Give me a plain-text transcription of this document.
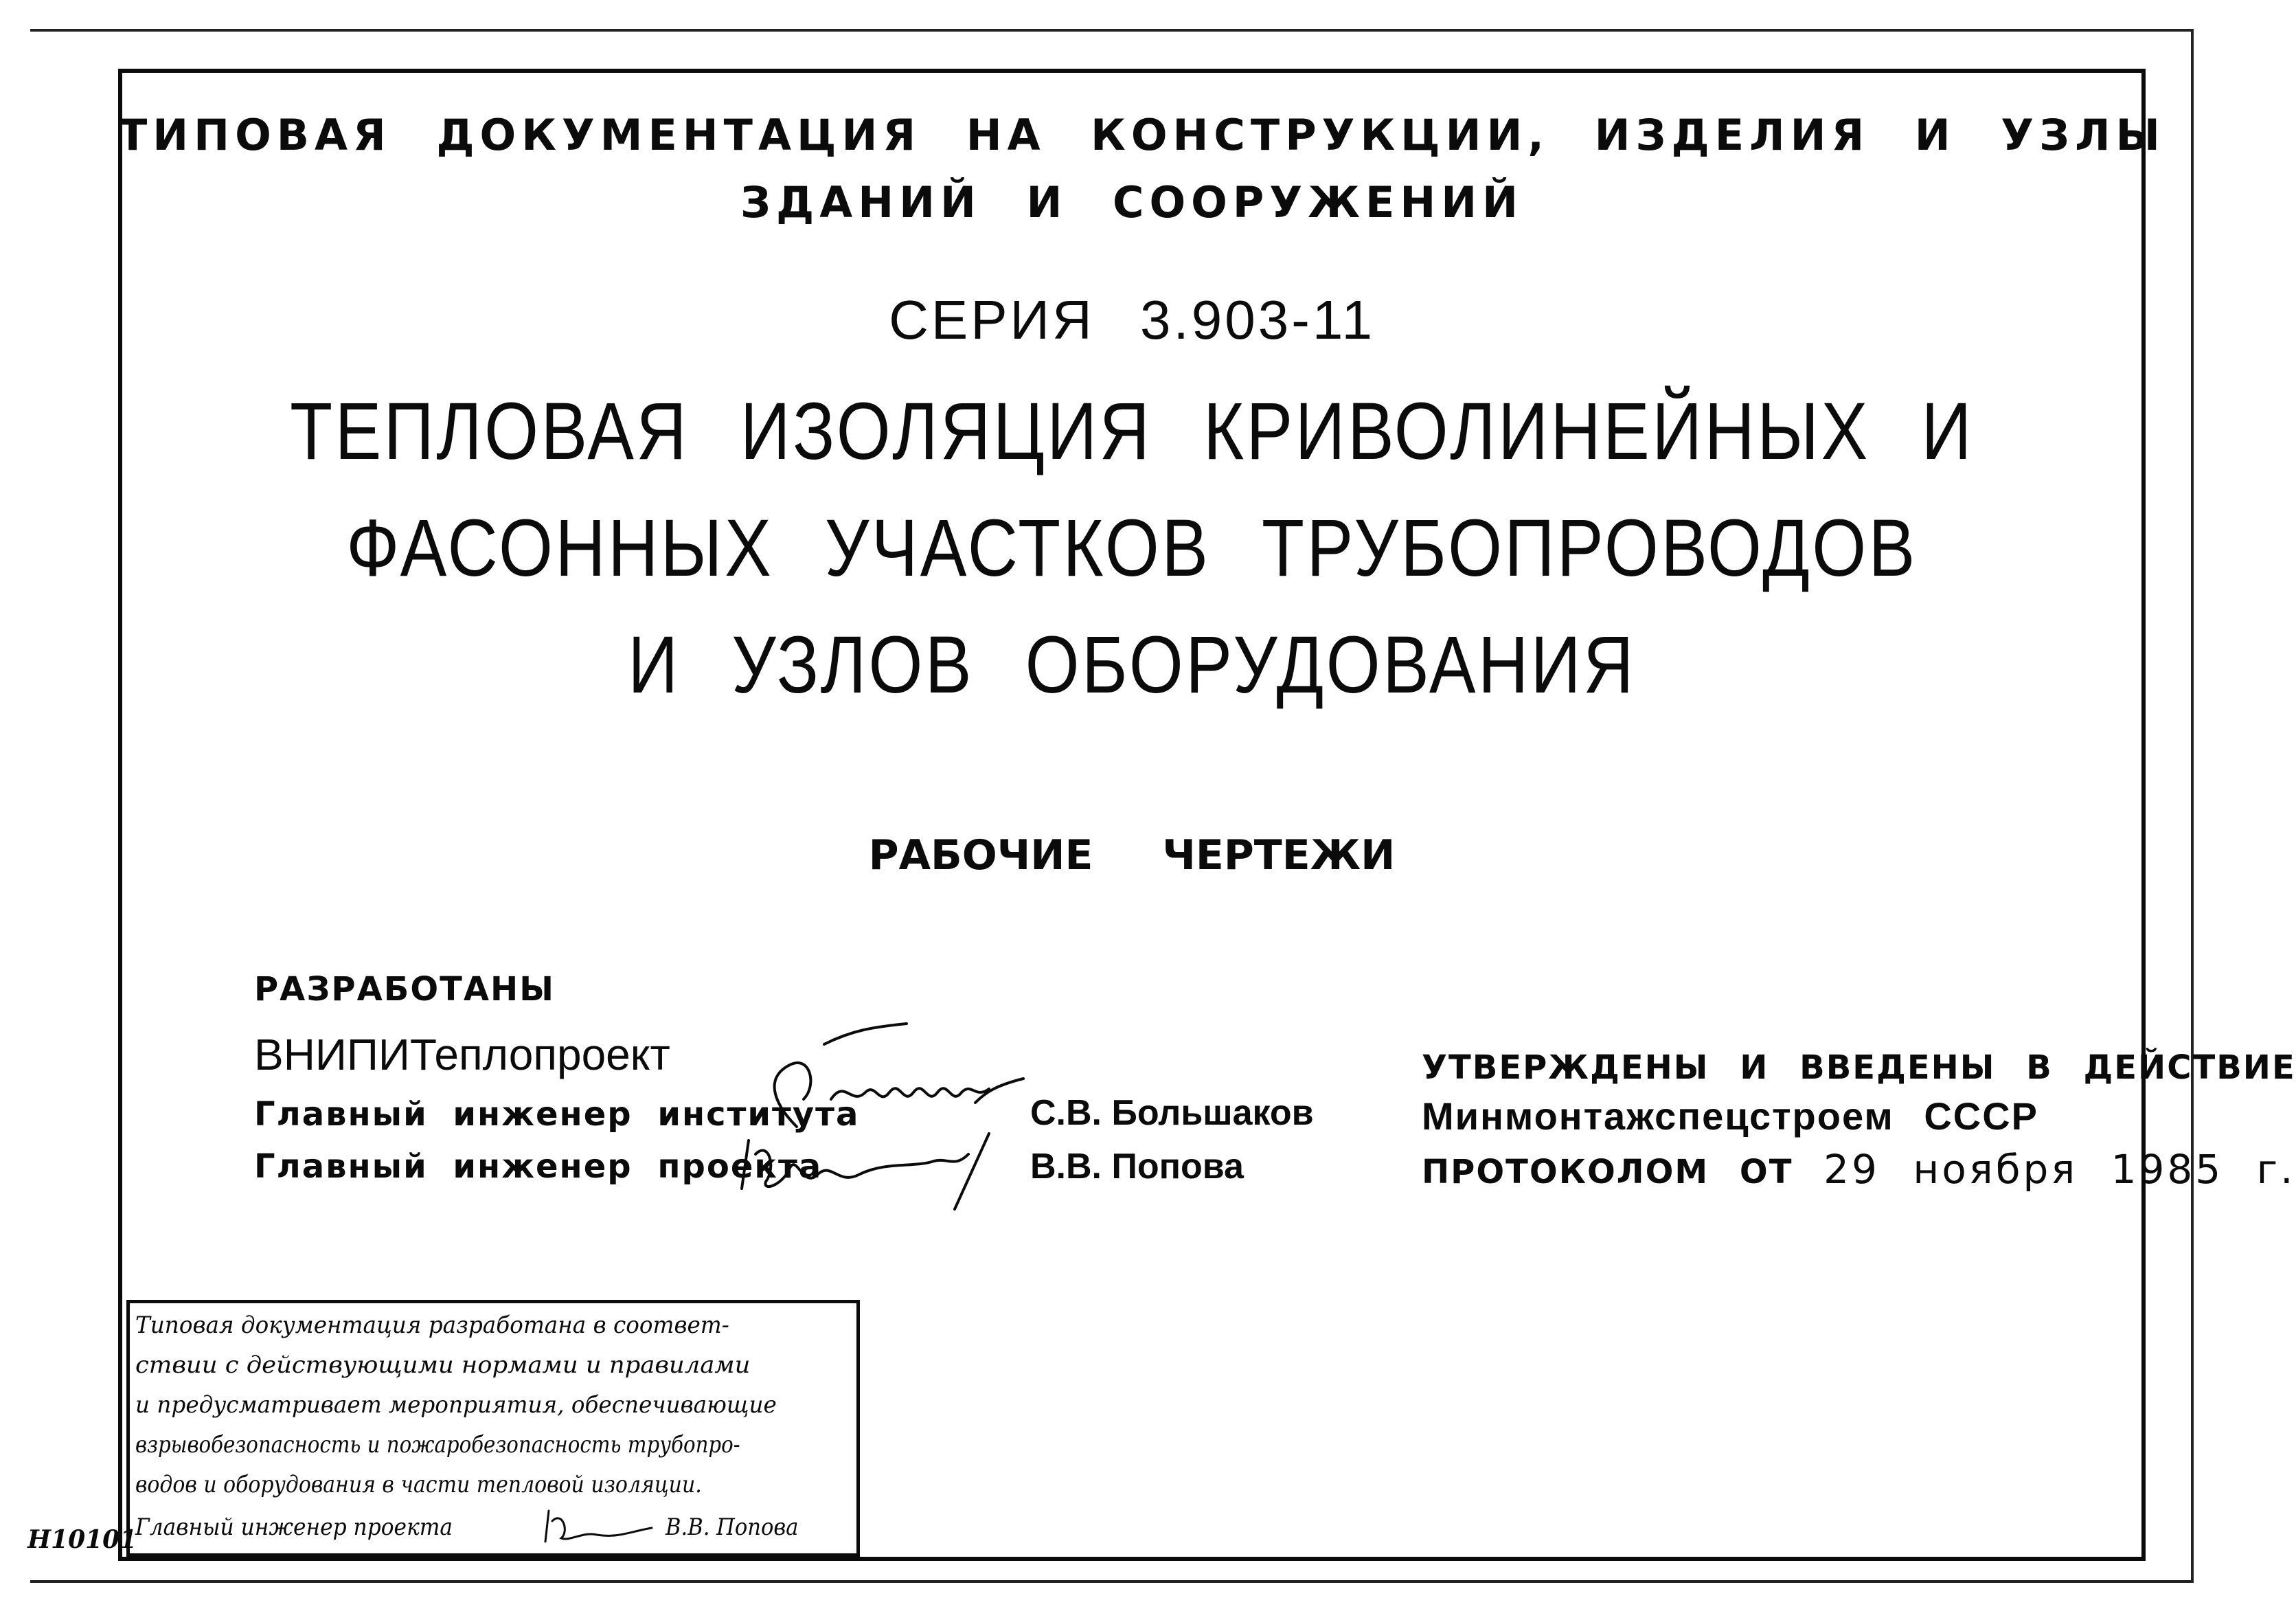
ТИПОВАЯ ДОКУМЕНТАЦИЯ НА КОНСТРУКЦИИ, ИЗДЕЛИЯ И УЗЛЫ
ЗДАНИЙ И СООРУЖЕНИЙ
СЕРИЯ 3.903-11
ТЕПЛОВАЯ ИЗОЛЯЦИЯ КРИВОЛИНЕЙНЫХ И
ФАСОННЫХ УЧАСТКОВ ТРУБОПРОВОДОВ
И УЗЛОВ ОБОРУДОВАНИЯ
РАБОЧИЕ ЧЕРТЕЖИ
РАЗРАБОТАНЫ
ВНИПИТеплопроект
Главный инженер института
Главный инженер проекта
С.В. Большаков
В.В. Попова
УТВЕРЖДЕНЫ И ВВЕДЕНЫ В ДЕЙСТВИЕ
Минмонтажспецстроем СССР
ПРОТОКОЛОМ ОТ 29 ноября 1985 г.
Типовая документация разработана в соответ-
ствии с действующими нормами и правилами
и предусматривает мероприятия, обеспечивающие
взрывобезопасность и пожаробезопасность трубопро-
водов и оборудования в части тепловой изоляции.
Главный инженер проекта	В.В. Попова
Н10101
